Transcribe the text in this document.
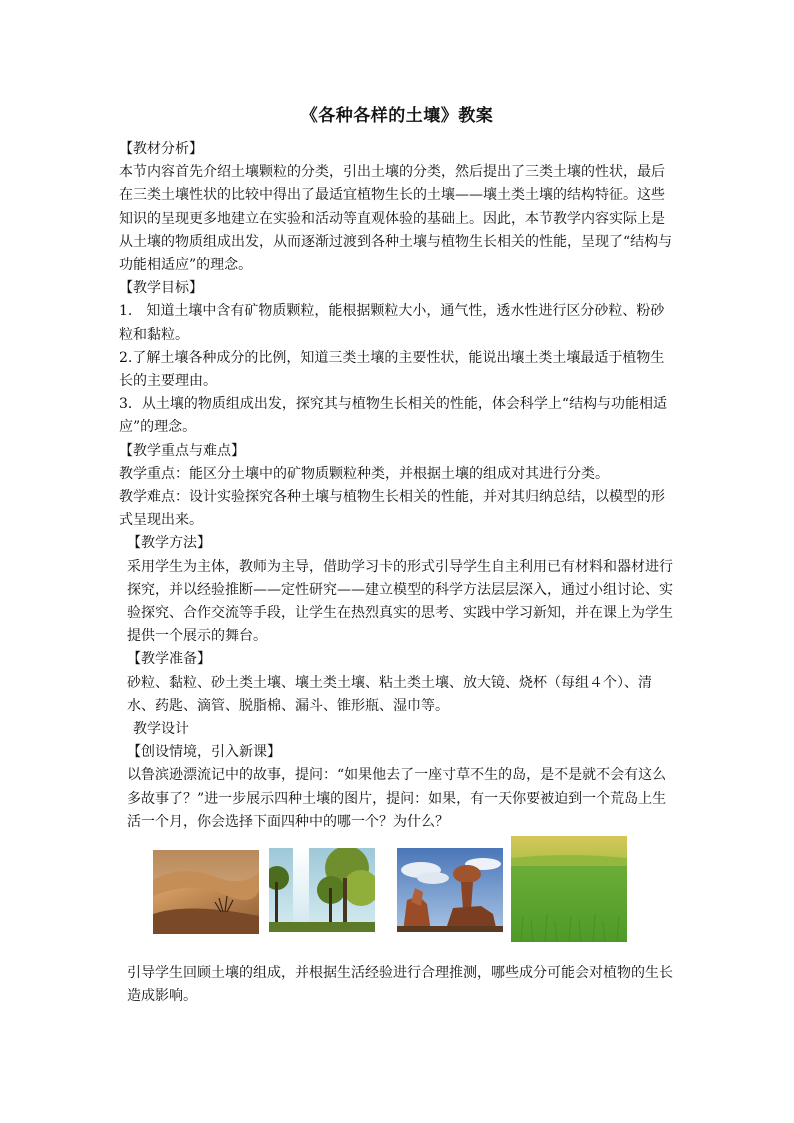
《各种各样的土壤》教案

【教材分析】

本节内容首先介绍土壤颗粒的分类，引出土壤的分类，然后提出了三类土壤的性状，最后在三类土壤性状的比较中得出了最适宜植物生长的土壤——壤土类土壤的结构特征。这些知识的呈现更多地建立在实验和活动等直观体验的基础上。因此，本节教学内容实际上是从土壤的物质组成出发，从而逐渐过渡到各种土壤与植物生长相关的性能，呈现了“结构与功能相适应”的理念。

【教学目标】

1.　知道土壤中含有矿物质颗粒，能根据颗粒大小，通气性，透水性进行区分砂粒、粉砂粒和黏粒。

2.了解土壤各种成分的比例，知道三类土壤的主要性状，能说出壤土类土壤最适于植物生长的主要理由。

3．从土壤的物质组成出发，探究其与植物生长相关的性能，体会科学上“结构与功能相适应”的理念。

【教学重点与难点】

教学重点：能区分土壤中的矿物质颗粒种类，并根据土壤的组成对其进行分类。

教学难点：设计实验探究各种土壤与植物生长相关的性能，并对其归纳总结，以模型的形式呈现出来。

【教学方法】

采用学生为主体，教师为主导，借助学习卡的形式引导学生自主利用已有材料和器材进行探究，并以经验推断——定性研究——建立模型的科学方法层层深入，通过小组讨论、实验探究、合作交流等手段，让学生在热烈真实的思考、实践中学习新知，并在课上为学生提供一个展示的舞台。

【教学准备】

砂粒、黏粒、砂土类土壤、壤土类土壤、粘土类土壤、放大镜、烧杯（每组４个）、清水、药匙、滴管、脱脂棉、漏斗、锥形瓶、湿巾等。

教学设计

【创设情境，引入新课】

以鲁滨逊漂流记中的故事，提问：“如果他去了一座寸草不生的岛，是不是就不会有这么多故事了？”进一步展示四种土壤的图片，提问：如果，有一天你要被迫到一个荒岛上生活一个月，你会选择下面四种中的哪一个？为什么？

引导学生回顾土壤的组成，并根据生活经验进行合理推测，哪些成分可能会对植物的生长造成影响。
